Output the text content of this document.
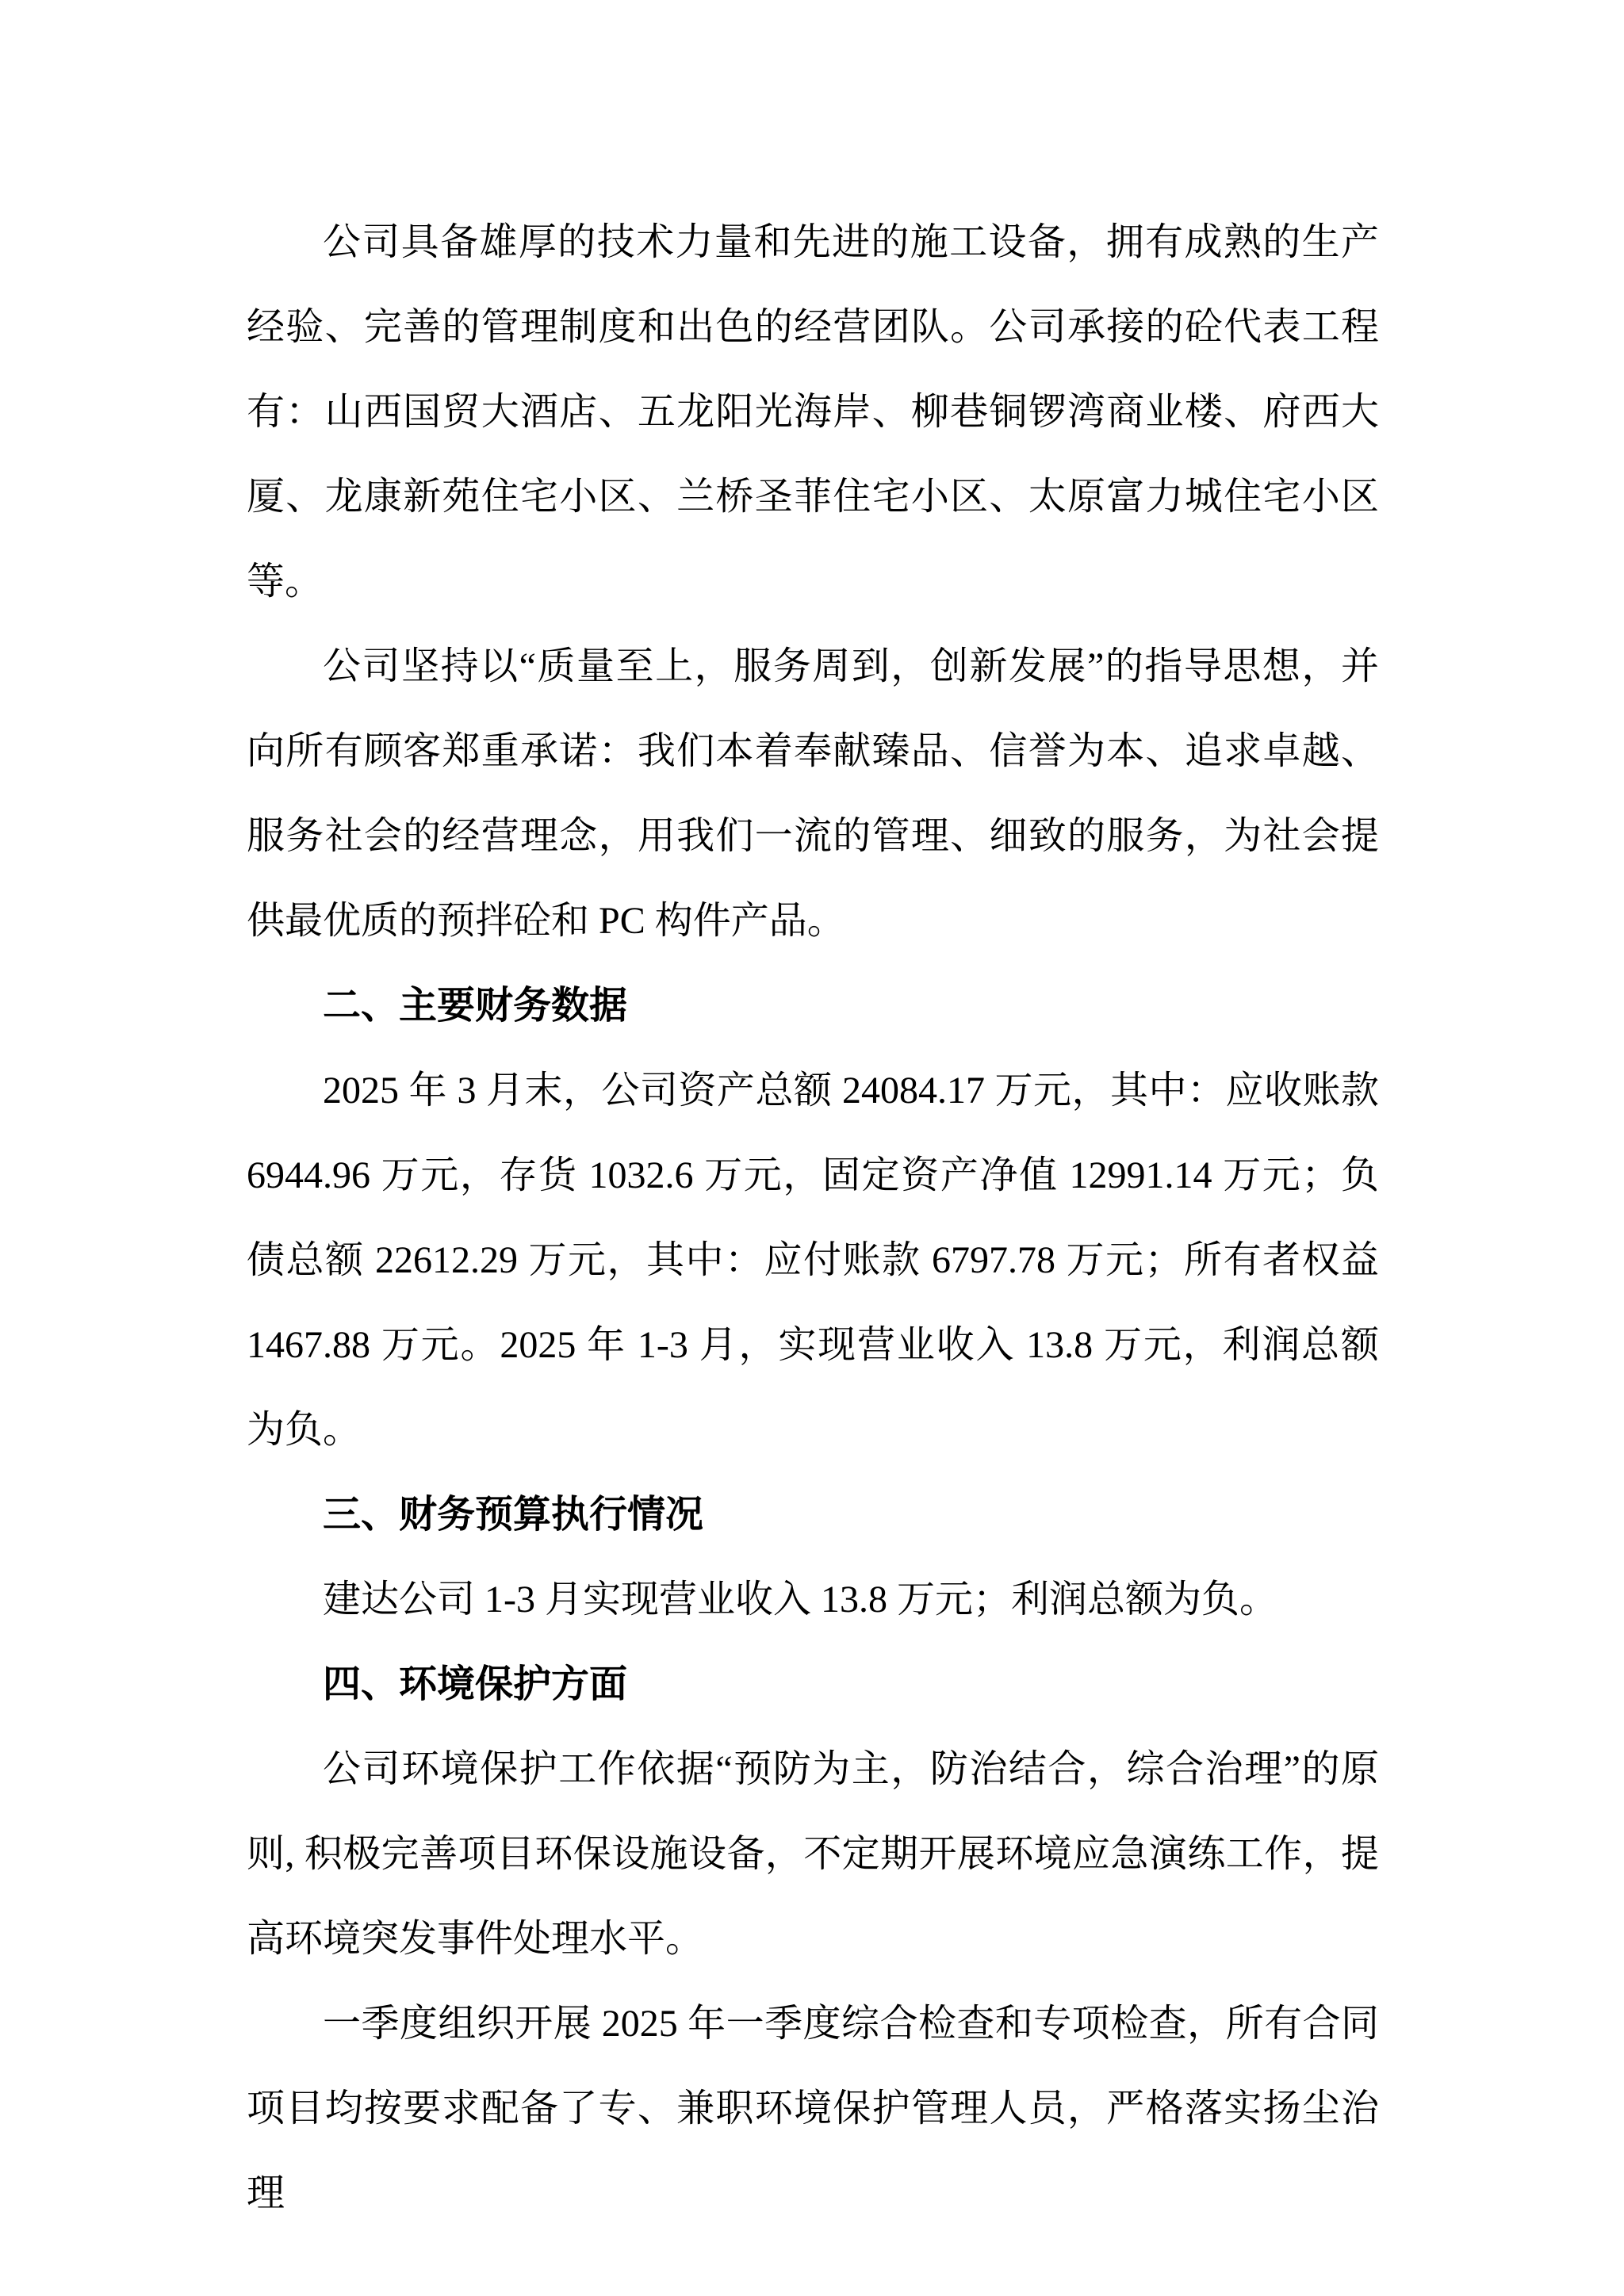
公司具备雄厚的技术力量和先进的施工设备，拥有成熟的生产经验、完善的管理制度和出色的经营团队。公司承接的砼代表工程有：山西国贸大酒店、五龙阳光海岸、柳巷铜锣湾商业楼、府西大厦、龙康新苑住宅小区、兰桥圣菲住宅小区、太原富力城住宅小区等。

公司坚持以“质量至上，服务周到，创新发展”的指导思想，并向所有顾客郑重承诺：我们本着奉献臻品、信誉为本、追求卓越、服务社会的经营理念，用我们一流的管理、细致的服务，为社会提供最优质的预拌砼和 PC 构件产品。

二、主要财务数据

2025 年 3 月末，公司资产总额 24084.17 万元，其中：应收账款 6944.96 万元，存货 1032.6 万元，固定资产净值 12991.14 万元；负债总额 22612.29 万元，其中：应付账款 6797.78 万元；所有者权益 1467.88 万元。2025 年 1-3 月，实现营业收入 13.8 万元，利润总额为负。

三、财务预算执行情况

建达公司 1-3 月实现营业收入 13.8 万元；利润总额为负。

四、环境保护方面

公司环境保护工作依据“预防为主，防治结合，综合治理”的原则, 积极完善项目环保设施设备，不定期开展环境应急演练工作，提高环境突发事件处理水平。

一季度组织开展 2025 年一季度综合检查和专项检查，所有合同项目均按要求配备了专、兼职环境保护管理人员，严格落实扬尘治理
